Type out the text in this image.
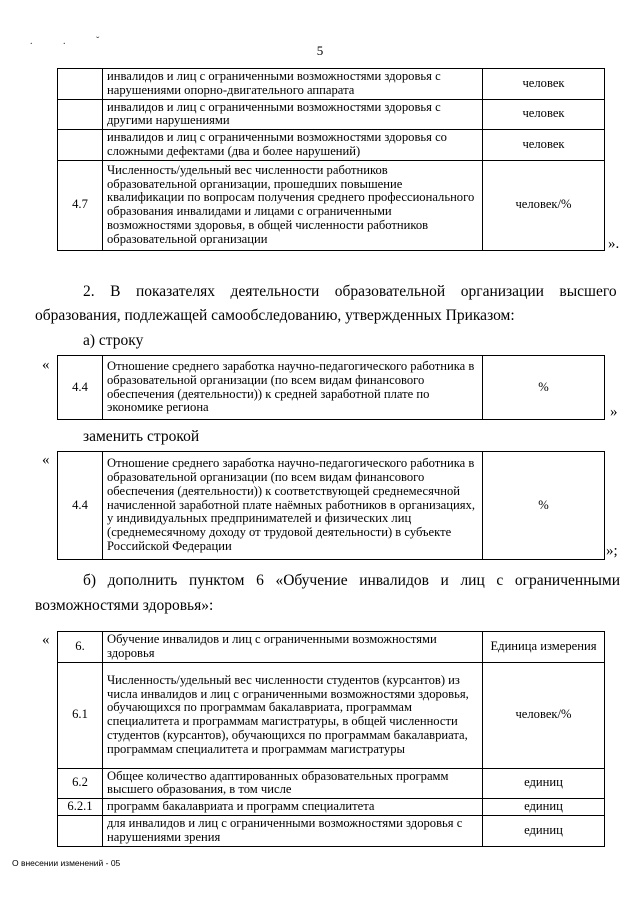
. . ˇ
5
	инвалидов и лиц с ограниченными возможностями здоровья с нарушениями опорно-двигательного аппарата	человек
	инвалидов и лиц с ограниченными возможностями здоровья с другими нарушениями	человек
	инвалидов и лиц с ограниченными возможностями здоровья со сложными дефектами (два и более нарушений)	человек
4.7	Численность/удельный вес численности работников образовательной организации, прошедших повышение квалификации по вопросам получения среднего профессионального образования инвалидами и лицами с ограниченными возможностями здоровья, в общей численности работников образовательной организации	человек/%
».
2.    В    показателях    деятельности    образовательной    организации    высшего
образования, подлежащей самообследованию, утвержденных Приказом:
а) строку
«
4.4	Отношение среднего заработка научно-педагогического работника в образовательной организации (по всем видам финансового обеспечения (деятельности)) к средней заработной плате по экономике региона	%
»
заменить строкой
«
4.4	Отношение среднего заработка научно-педагогического работника в образовательной организации (по всем видам финансового обеспечения (деятельности)) к соответствующей среднемесячной начисленной заработной плате наёмных работников в организациях, у индивидуальных предпринимателей и физических лиц (среднемесячному доходу от трудовой деятельности) в субъекте Российской Федерации	%
»;
б)   дополнить   пунктом   6   «Обучение   инвалидов   и   лиц   с   ограниченными
возможностями здоровья»:
« 6.	Обучение инвалидов и лиц с ограниченными возможностями здоровья	Единица измерения
6.1	Численность/удельный вес численности студентов (курсантов) из числа инвалидов и лиц с ограниченными возможностями здоровья, обучающихся по программам бакалавриата, программам специалитета и программам магистратуры, в общей численности студентов (курсантов), обучающихся по программам бакалавриата, программам специалитета и программам магистратуры	человек/%
6.2	Общее количество адаптированных образовательных программ высшего образования, в том числе	единиц
6.2.1	программ бакалавриата и программ специалитета	единиц
	для инвалидов и лиц с ограниченными возможностями здоровья с нарушениями зрения	единиц
О внесении изменений - 05
